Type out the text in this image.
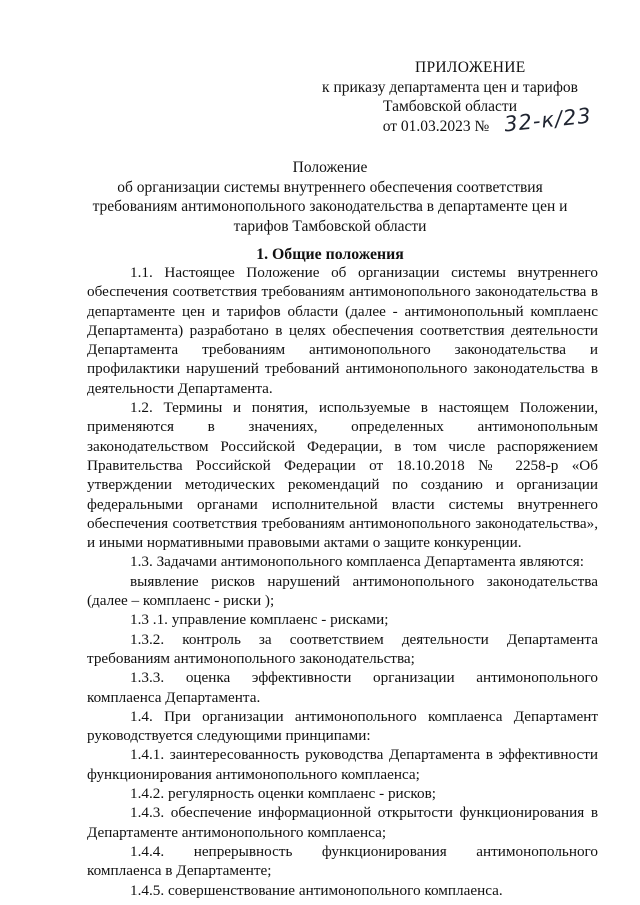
ПРИЛОЖЕНИЕ
к приказу департамента цен и тарифов
Тамбовской области
от 01.03.2023 № 32-к/23
Положение
об организации системы внутреннего обеспечения соответствия
требованиям антимонопольного законодательства в департаменте цен и
тарифов Тамбовской области
1. Общие положения

1.1. Настоящее Положение об организации системы внутреннего обеспечения соответствия требованиям антимонопольного законодательства в департаменте цен и тарифов области (далее - антимонопольный комплаенс Департамента) разработано в целях обеспечения соответствия деятельности Департамента требованиям антимонопольного законодательства и профилактики нарушений требований антимонопольного законодательства в деятельности Департамента.

1.2. Термины и понятия, используемые в настоящем Положении, применяются в значениях, определенных антимонопольным законодательством Российской Федерации, в том числе распоряжением Правительства Российской Федерации от 18.10.2018 № 2258-р «Об утверждении методических рекомендаций по созданию и организации федеральными органами исполнительной власти системы внутреннего обеспечения соответствия требованиям антимонопольного законодательства», и иными нормативными правовыми актами о защите конкуренции.

1.3. Задачами антимонопольного комплаенса Департамента являются:

выявление рисков нарушений антимонопольного законодательства (далее – комплаенс - риски );

1.3 .1. управление комплаенс - рисками;

1.3.2. контроль за соответствием деятельности Департамента требованиям антимонопольного законодательства;

1.3.3. оценка эффективности организации антимонопольного комплаенса Департамента.

1.4. При организации антимонопольного комплаенса Департамент руководствуется следующими принципами:

1.4.1. заинтересованность руководства Департамента в эффективности функционирования антимонопольного комплаенса;

1.4.2. регулярность оценки комплаенс - рисков;

1.4.3. обеспечение информационной открытости функционирования в Департаменте антимонопольного комплаенса;

1.4.4. непрерывность функционирования антимонопольного комплаенса в Департаменте;

1.4.5. совершенствование антимонопольного комплаенса.
